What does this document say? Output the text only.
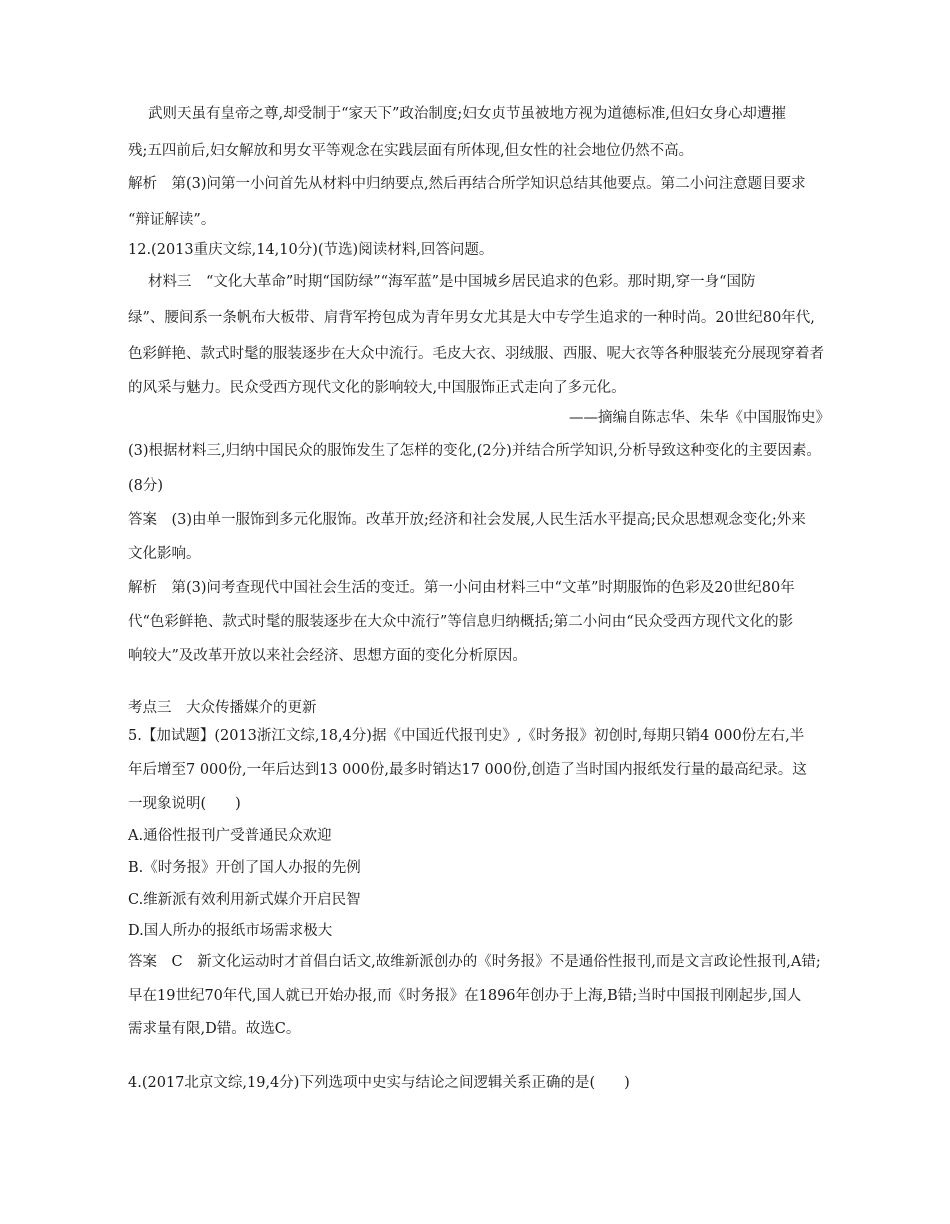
武则天虽有皇帝之尊,却受制于“家天下”政治制度;妇女贞节虽被地方视为道德标准,但妇女身心却遭摧
残;五四前后,妇女解放和男女平等观念在实践层面有所体现,但女性的社会地位仍然不高。
解析　第(3)问第一小问首先从材料中归纳要点,然后再结合所学知识总结其他要点。第二小问注意题目要求
“辩证解读”。
12.(2013重庆文综,14,10分)(节选)阅读材料,回答问题。
材料三　“文化大革命”时期“国防绿”“海军蓝”是中国城乡居民追求的色彩。那时期,穿一身“国防
绿”、腰间系一条帆布大板带、肩背军挎包成为青年男女尤其是大中专学生追求的一种时尚。20世纪80年代,
色彩鲜艳、款式时髦的服装逐步在大众中流行。毛皮大衣、羽绒服、西服、呢大衣等各种服装充分展现穿着者
的风采与魅力。民众受西方现代文化的影响较大,中国服饰正式走向了多元化。
——摘编自陈志华、朱华《中国服饰史》
(3)根据材料三,归纳中国民众的服饰发生了怎样的变化,(2分)并结合所学知识,分析导致这种变化的主要因素。
(8分)
答案　(3)由单一服饰到多元化服饰。改革开放;经济和社会发展,人民生活水平提高;民众思想观念变化;外来
文化影响。
解析　第(3)问考查现代中国社会生活的变迁。第一小问由材料三中“文革”时期服饰的色彩及20世纪80年
代“色彩鲜艳、款式时髦的服装逐步在大众中流行”等信息归纳概括;第二小问由“民众受西方现代文化的影
响较大”及改革开放以来社会经济、思想方面的变化分析原因。
考点三　大众传播媒介的更新
5.【加试题】(2013浙江文综,18,4分)据《中国近代报刊史》,《时务报》初创时,每期只销4 000份左右,半
年后增至7 000份,一年后达到13 000份,最多时销达17 000份,创造了当时国内报纸发行量的最高纪录。这
一现象说明(　　)
A.通俗性报刊广受普通民众欢迎
B.《时务报》开创了国人办报的先例
C.维新派有效利用新式媒介开启民智
D.国人所办的报纸市场需求极大
答案　C　新文化运动时才首倡白话文,故维新派创办的《时务报》不是通俗性报刊,而是文言政论性报刊,A错;
早在19世纪70年代,国人就已开始办报,而《时务报》在1896年创办于上海,B错;当时中国报刊刚起步,国人
需求量有限,D错。故选C。
4.(2017北京文综,19,4分)下列选项中史实与结论之间逻辑关系正确的是(　　)
